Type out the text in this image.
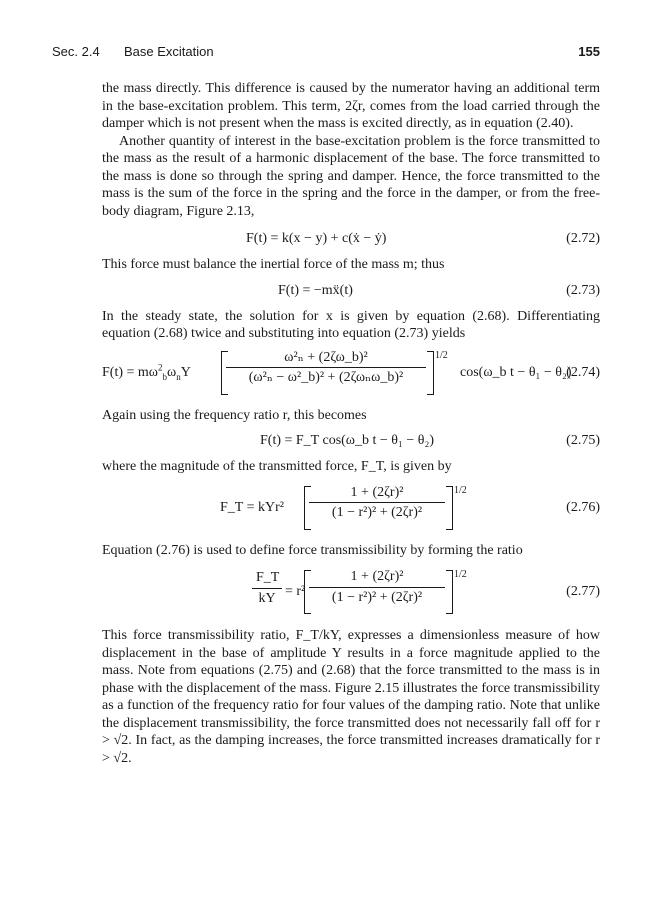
Sec. 2.4 Base Excitation	155

the mass directly. This difference is caused by the numerator having an additional term in the base-excitation problem. This term, 2ζr, comes from the load carried through the damper which is not present when the mass is excited directly, as in equation (2.40).

Another quantity of interest in the base-excitation problem is the force transmitted to the mass as the result of a harmonic displacement of the base. The force transmitted to the mass is done so through the spring and damper. Hence, the force transmitted to the mass is the sum of the force in the spring and the force in the damper, or from the free-body diagram, Figure 2.13,

F(t) = k(x − y) + c(ẋ − ẏ)	(2.72)

This force must balance the inertial force of the mass m; thus

F(t) = −mẍ(t)	(2.73)

In the steady state, the solution for x is given by equation (2.68). Differentiating equation (2.68) twice and substituting into equation (2.73) yields

$F(t) = m\omega^2_b\omega_nY$	$\frac{\text{ω²ₙ + (2ζω\_b)²}}{\text{(ω²ₙ − ω²\_b)² + (2ζωₙω\_b)²}} 1/2$
cos(ω_b t − θ₁ − θ₂)
(2.74)

Again using the frequency ratio r, this becomes

F(t) = F_T cos(ω_b t − θ₁ − θ₂)	(2.75)

where the magnitude of the transmitted force, F_T, is given by

F_T = $kYr^2 \frac{\text{1 + (2ζr)²}}{\text{(1 − r²)² + (2ζr)²}} 1/2$
(2.76)

Equation (2.76) is used to define force transmissibility by forming the ratio

$\frac{F\_T}{kY} = r^2 \frac{\text{1 + (2ζr)²}}{\text{(1 − r²)² + (2ζr)²}} 1/2$
(2.77)

This force transmissibility ratio, F_T/kY, expresses a dimensionless measure of how displacement in the base of amplitude Y results in a force magnitude applied to the mass. Note from equations (2.75) and (2.68) that the force transmitted to the mass is in phase with the displacement of the mass. Figure 2.15 illustrates the force transmissibility as a function of the frequency ratio for four values of the damping ratio. Note that unlike the displacement transmissibility, the force transmitted does not necessarily fall off for r > √2. In fact, as the damping increases, the force transmitted increases dramatically for r > √2.
